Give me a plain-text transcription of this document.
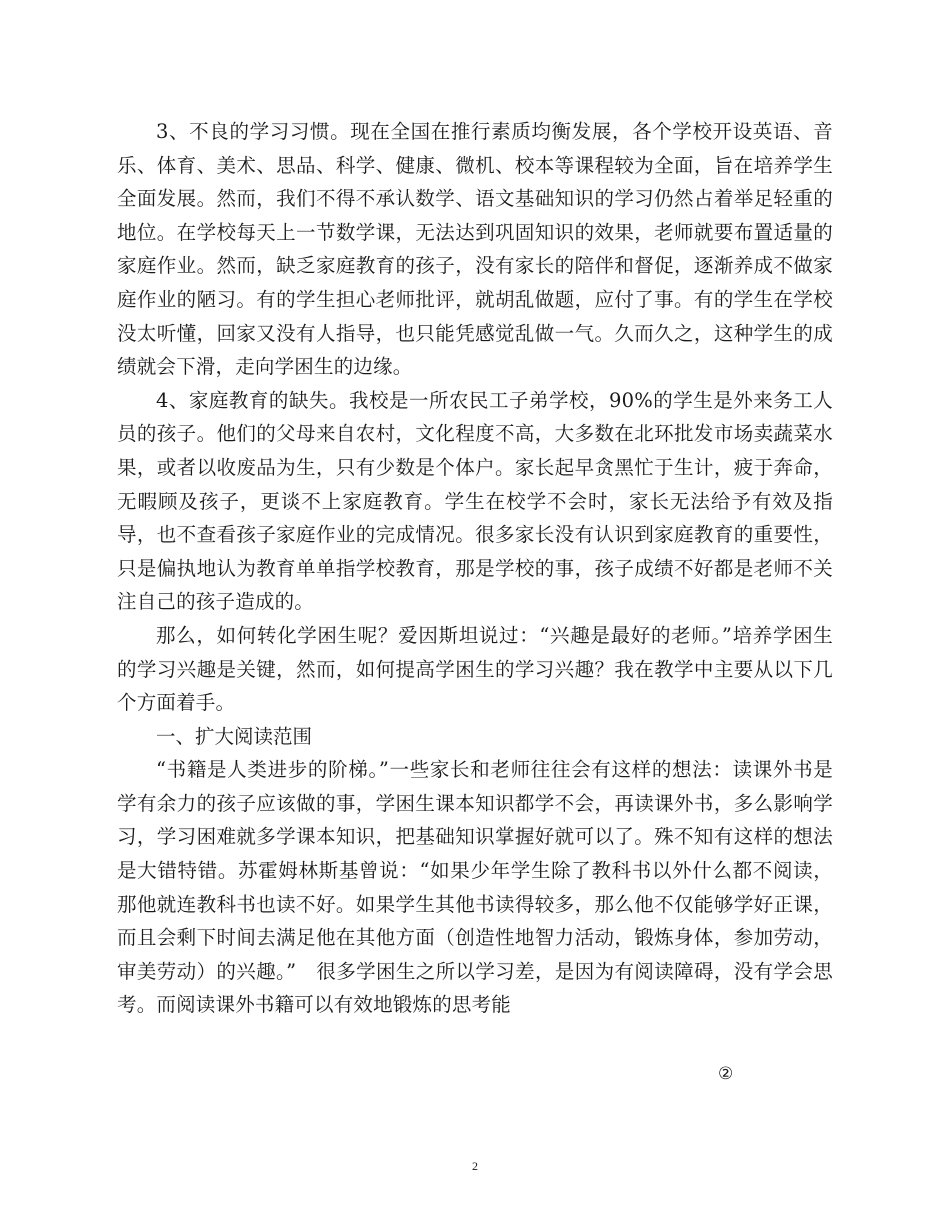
3、不良的学习习惯。现在全国在推行素质均衡发展，各个学校开设英语、音乐、体育、美术、思品、科学、健康、微机、校本等课程较为全面，旨在培养学生全面发展。然而，我们不得不承认数学、语文基础知识的学习仍然占着举足轻重的地位。在学校每天上一节数学课，无法达到巩固知识的效果，老师就要布置适量的家庭作业。然而，缺乏家庭教育的孩子，没有家长的陪伴和督促，逐渐养成不做家庭作业的陋习。有的学生担心老师批评，就胡乱做题，应付了事。有的学生在学校没太听懂，回家又没有人指导，也只能凭感觉乱做一气。久而久之，这种学生的成绩就会下滑，走向学困生的边缘。

4、家庭教育的缺失。我校是一所农民工子弟学校，90%的学生是外来务工人员的孩子。他们的父母来自农村，文化程度不高，大多数在北环批发市场卖蔬菜水果，或者以收废品为生，只有少数是个体户。家长起早贪黑忙于生计，疲于奔命，无暇顾及孩子，更谈不上家庭教育。学生在校学不会时，家长无法给予有效及指导，也不查看孩子家庭作业的完成情况。很多家长没有认识到家庭教育的重要性，只是偏执地认为教育单单指学校教育，那是学校的事，孩子成绩不好都是老师不关注自己的孩子造成的。

那么，如何转化学困生呢？爱因斯坦说过：“兴趣是最好的老师。”培养学困生的学习兴趣是关键，然而，如何提高学困生的学习兴趣？我在教学中主要从以下几个方面着手。

一、扩大阅读范围

“书籍是人类进步的阶梯。”一些家长和老师往往会有这样的想法：读课外书是学有余力的孩子应该做的事，学困生课本知识都学不会，再读课外书，多么影响学习，学习困难就多学课本知识，把基础知识掌握好就可以了。殊不知有这样的想法是大错特错。苏霍姆林斯基曾说：“如果少年学生除了教科书以外什么都不阅读，那他就连教科书也读不好。如果学生其他书读得较多，那么他不仅能够学好正课，而且会剩下时间去满足他在其他方面（创造性地智力活动，锻炼身体，参加劳动，审美劳动）的兴趣。”　很多学困生之所以学习差，是因为有阅读障碍，没有学会思考。而阅读课外书籍可以有效地锻炼的思考能

②
2
